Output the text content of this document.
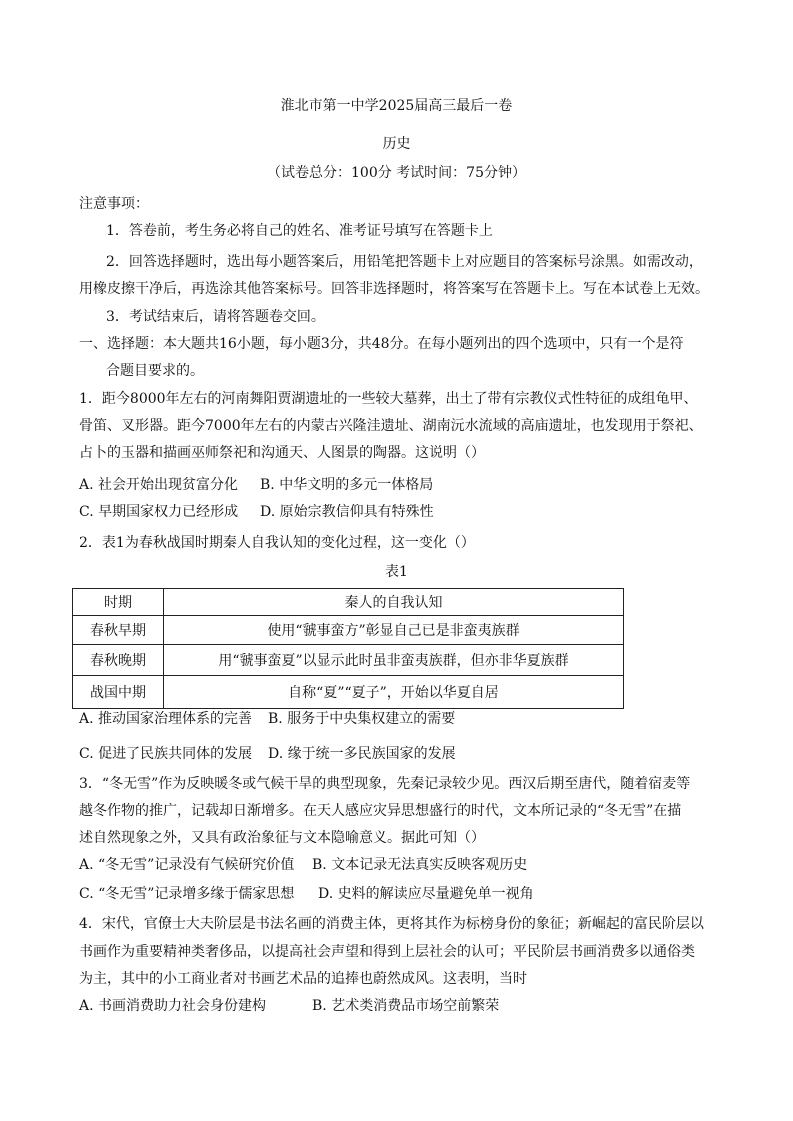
淮北市第一中学2025届高三最后一卷
历史
（试卷总分：100分 考试时间：75分钟）
注意事项：
1．答卷前，考生务必将自己的姓名、准考证号填写在答题卡上
2．回答选择题时，选出每小题答案后，用铅笔把答题卡上对应题目的答案标号涂黑。如需改动，
用橡皮擦干净后，再选涂其他答案标号。回答非选择题时，将答案写在答题卡上。写在本试卷上无效。
3．考试结束后，请将答题卷交回。
一、选择题：本大题共16小题，每小题3分，共48分。在每小题列出的四个选项中，只有一个是符
合题目要求的。
1．距今8000年左右的河南舞阳贾湖遗址的一些较大墓葬，出土了带有宗教仪式性特征的成组龟甲、
骨笛、叉形器。距今7000年左右的内蒙古兴隆洼遗址、湖南沅水流域的高庙遗址，也发现用于祭祀、
占卜的玉器和描画巫师祭祀和沟通天、人图景的陶器。这说明（）
A. 社会开始出现贫富分化 B. 中华文明的多元一体格局
C. 早期国家权力已经形成 D. 原始宗教信仰具有特殊性
2．表1为春秋战国时期秦人自我认知的变化过程，这一变化（）
表1
时期	秦人的自我认知
春秋早期	使用“虢事蛮方”彰显自己已是非蛮夷族群
春秋晚期	用“虢事蛮夏”以显示此时虽非蛮夷族群，但亦非华夏族群
战国中期	自称“夏”“夏子”，开始以华夏自居
A. 推动国家治理体系的完善 B. 服务于中央集权建立的需要
C. 促进了民族共同体的发展 D. 缘于统一多民族国家的发展
3．“冬无雪”作为反映暖冬或气候干旱的典型现象，先秦记录较少见。西汉后期至唐代，随着宿麦等
越冬作物的推广，记载却日渐增多。在天人感应灾异思想盛行的时代，文本所记录的“冬无雪”在描
述自然现象之外，又具有政治象征与文本隐喻意义。据此可知（）
A. “冬无雪”记录没有气候研究价值 B. 文本记录无法真实反映客观历史
C. “冬无雪”记录增多缘于儒家思想 D. 史料的解读应尽量避免单一视角
4．宋代，官僚士大夫阶层是书法名画的消费主体，更将其作为标榜身份的象征；新崛起的富民阶层以
书画作为重要精神类奢侈品，以提高社会声望和得到上层社会的认可；平民阶层书画消费多以通俗类
为主，其中的小工商业者对书画艺术品的追捧也蔚然成风。这表明，当时
A. 书画消费助力社会身份建构	B. 艺术类消费品市场空前繁荣
